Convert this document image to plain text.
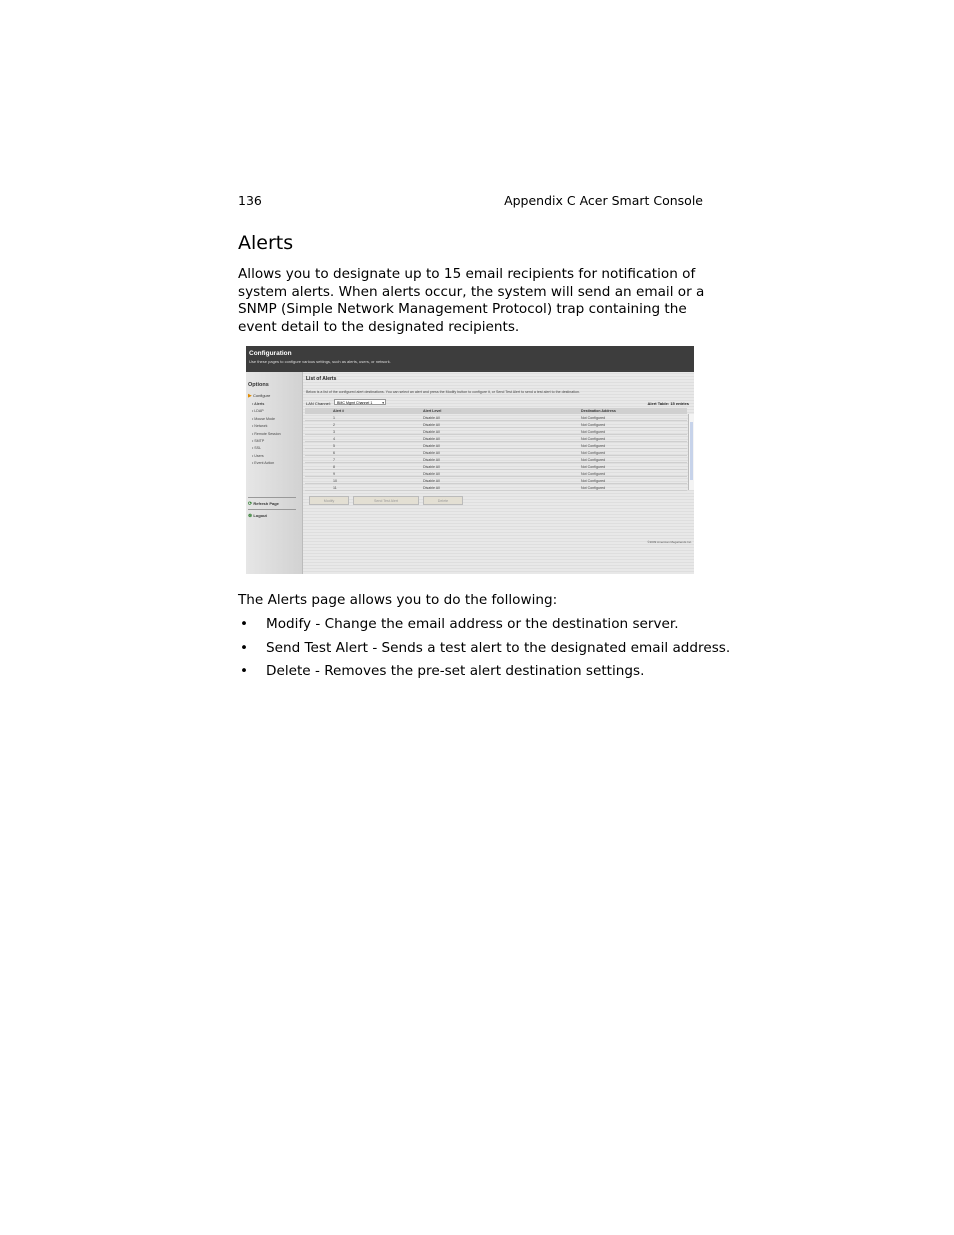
136	Appendix C Acer Smart Console
Alerts

Allows you to designate up to 15 email recipients for notification of system alerts. When alerts occur, the system will send an email or a SNMP (Simple Network Management Protocol) trap containing the event detail to the designated recipients.

Configuration
Use these pages to configure various settings, such as alerts, users, or network.
Options
▶ Configure
• Alerts
• LDAP
• Mouse Mode
• Network
• Remote Session
• SMTP
• SSL
• Users
• Event Action
⟳ Refresh Page
⊗ Logout
List of Alerts
Below is a list of the configured alert destinations. You can select an alert and press the Modify button to configure it, or Send Test Alert to send a test alert to the destination.
LAN Channel:	BMC Mgmt Channel 1	▾	Alert Table: 15 entries
Alert #	Alert Level	Destination Address
1	Disable All	Not Configured
2	Disable All	Not Configured
3	Disable All	Not Configured
4	Disable All	Not Configured
5	Disable All	Not Configured
6	Disable All	Not Configured
7	Disable All	Not Configured
8	Disable All	Not Configured
9	Disable All	Not Configured
10	Disable All	Not Configured
11	Disable All	Not Configured
Modify	Send Test Alert	Delete
©2009 American Megatrends Inc.

The Alerts page allows you to do the following:

• Modify - Change the email address or the destination server.
• Send Test Alert - Sends a test alert to the designated email address.
• Delete - Removes the pre-set alert destination settings.
